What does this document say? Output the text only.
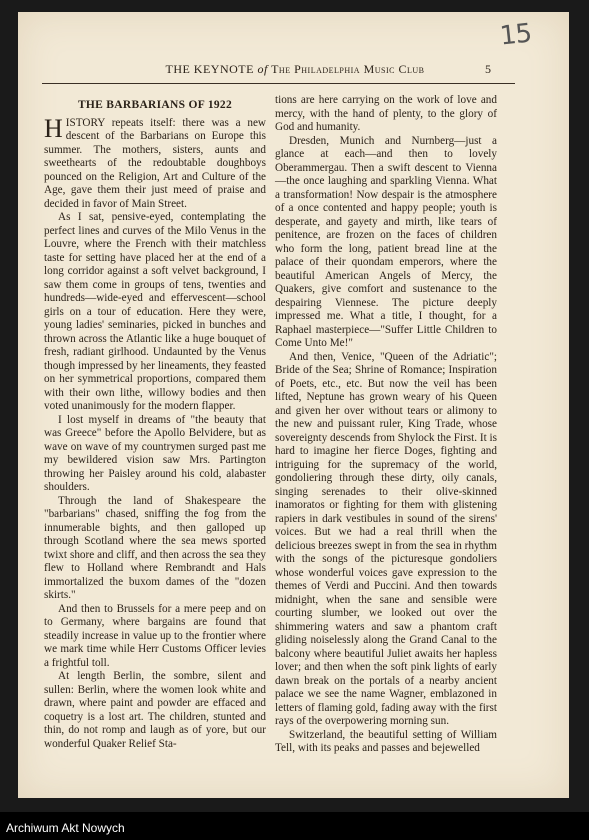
15
THE KEYNOTE of The Philadelphia Music Club	5
THE BARBARIANS OF 1922

HISTORY repeats itself: there was a new descent of the Barbarians on Europe this summer. The mothers, sisters, aunts and sweethearts of the redoubtable doughboys pounced on the Religion, Art and Culture of the Age, gave them their just meed of praise and decided in favor of Main Street.

As I sat, pensive-eyed, contemplating the perfect lines and curves of the Milo Venus in the Louvre, where the French with their matchless taste for setting have placed her at the end of a long corridor against a soft velvet background, I saw them come in groups of tens, twenties and hundreds—wide-eyed and effervescent—school girls on a tour of education. Here they were, young ladies' seminaries, picked in bunches and thrown across the Atlantic like a huge bouquet of fresh, radiant girlhood. Undaunted by the Venus though impressed by her lineaments, they feasted on her symmetrical proportions, compared them with their own lithe, willowy bodies and then voted unanimously for the modern flapper.

I lost myself in dreams of "the beauty that was Greece" before the Apollo Belvidere, but as wave on wave of my countrymen surged past me my bewildered vision saw Mrs. Partington throwing her Paisley around his cold, alabaster shoulders.

Through the land of Shakespeare the "barbarians" chased, sniffing the fog from the innumerable bights, and then galloped up through Scotland where the sea mews sported twixt shore and cliff, and then across the sea they flew to Holland where Rembrandt and Hals immortalized the buxom dames of the "dozen skirts."

And then to Brussels for a mere peep and on to Germany, where bargains are found that steadily increase in value up to the frontier where we mark time while Herr Customs Officer levies a frightful toll.

At length Berlin, the sombre, silent and sullen: Berlin, where the women look white and drawn, where paint and powder are effaced and coquetry is a lost art. The children, stunted and thin, do not romp and laugh as of yore, but our wonderful Quaker Relief Sta-

tions are here carrying on the work of love and mercy, with the hand of plenty, to the glory of God and humanity.

Dresden, Munich and Nurnberg—just a glance at each—and then to lovely Oberammergau. Then a swift descent to Vienna—the once laughing and sparkling Vienna. What a transformation! Now despair is the atmosphere of a once contented and happy people; youth is desperate, and gayety and mirth, like tears of penitence, are frozen on the faces of children who form the long, patient bread line at the palace of their quondam emperors, where the beautiful American Angels of Mercy, the Quakers, give comfort and sustenance to the despairing Viennese. The picture deeply impressed me. What a title, I thought, for a Raphael masterpiece—"Suffer Little Children to Come Unto Me!"

And then, Venice, "Queen of the Adriatic"; Bride of the Sea; Shrine of Romance; Inspiration of Poets, etc., etc. But now the veil has been lifted, Neptune has grown weary of his Queen and given her over without tears or alimony to the new and puissant ruler, King Trade, whose sovereignty descends from Shylock the First. It is hard to imagine her fierce Doges, fighting and intriguing for the supremacy of the world, gondoliering through these dirty, oily canals, singing serenades to their olive-skinned inamoratos or fighting for them with glistening rapiers in dark vestibules in sound of the sirens' voices. But we had a real thrill when the delicious breezes swept in from the sea in rhythm with the songs of the picturesque gondoliers whose wonderful voices gave expression to the themes of Verdi and Puccini. And then towards midnight, when the sane and sensible were courting slumber, we looked out over the shimmering waters and saw a phantom craft gliding noiselessly along the Grand Canal to the balcony where beautiful Juliet awaits her hapless lover; and then when the soft pink lights of early dawn break on the portals of a nearby ancient palace we see the name Wagner, emblazoned in letters of flaming gold, fading away with the first rays of the overpowering morning sun.

Switzerland, the beautiful setting of William Tell, with its peaks and passes and bejewelled

Archiwum Akt Nowych
